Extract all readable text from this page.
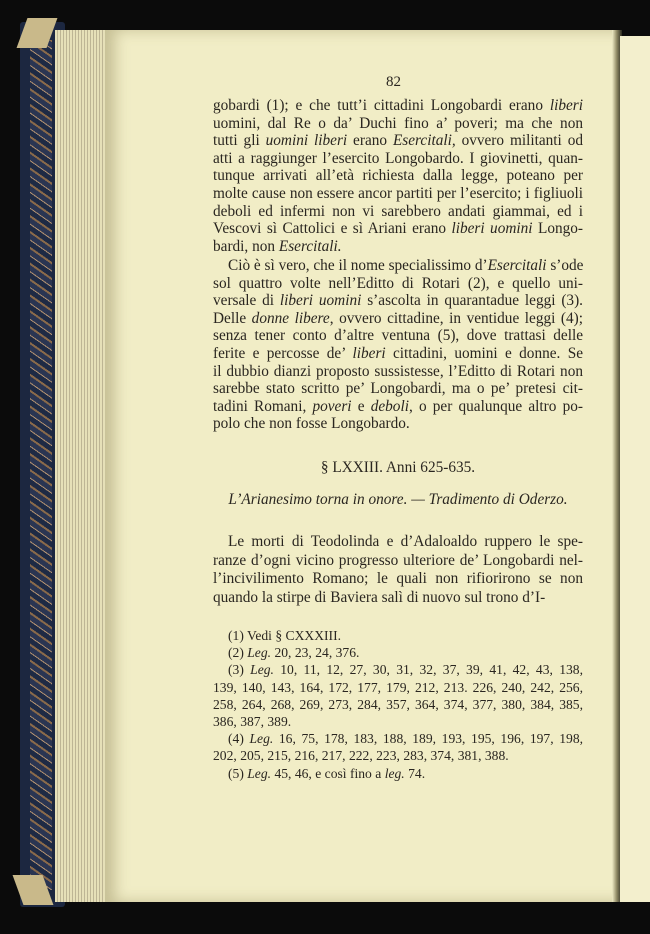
82
gobardi (1); e che tutt’i cittadini Longobardi erano liberi
uomini, dal Re o da’ Duchi fino a’ poveri; ma che non
tutti gli uomini liberi erano Esercitali, ovvero militanti od
atti a raggiunger l’esercito Longobardo. I giovinetti, quan-
tunque arrivati all’età richiesta dalla legge, poteano per
molte cause non essere ancor partiti per l’esercito; i figliuoli
deboli ed infermi non vi sarebbero andati giammai, ed i
Vescovi sì Cattolici e sì Ariani erano liberi uomini Longo-
bardi, non Esercitali.
Ciò è sì vero, che il nome specialissimo d’Esercitali s’ode
sol quattro volte nell’Editto di Rotari (2), e quello uni-
versale di liberi uomini s’ascolta in quarantadue leggi (3).
Delle donne libere, ovvero cittadine, in ventidue leggi (4);
senza tener conto d’altre ventuna (5), dove trattasi delle
ferite e percosse de’ liberi cittadini, uomini e donne. Se
il dubbio dianzi proposto sussistesse, l’Editto di Rotari non
sarebbe stato scritto pe’ Longobardi, ma o pe’ pretesi cit-
tadini Romani, poveri e deboli, o per qualunque altro po-
polo che non fosse Longobardo.
§ LXXIII. Anni 625-635.
L’Arianesimo torna in onore. — Tradimento di Oderzo.
Le morti di Teodolinda e d’Adaloaldo ruppero le spe-
ranze d’ogni vicino progresso ulteriore de’ Longobardi nel-
l’incivilimento Romano; le quali non rifiorirono se non
quando la stirpe di Baviera salì di nuovo sul trono d’I-
(1) Vedi § CXXXIII.
(2) Leg. 20, 23, 24, 376.
(3) Leg. 10, 11, 12, 27, 30, 31, 32, 37, 39, 41, 42, 43, 138,
139, 140, 143, 164, 172, 177, 179, 212, 213. 226, 240, 242, 256,
258, 264, 268, 269, 273, 284, 357, 364, 374, 377, 380, 384, 385,
386, 387, 389.
(4) Leg. 16, 75, 178, 183, 188, 189, 193, 195, 196, 197, 198,
202, 205, 215, 216, 217, 222, 223, 283, 374, 381, 388.
(5) Leg. 45, 46, e così fino a leg. 74.
